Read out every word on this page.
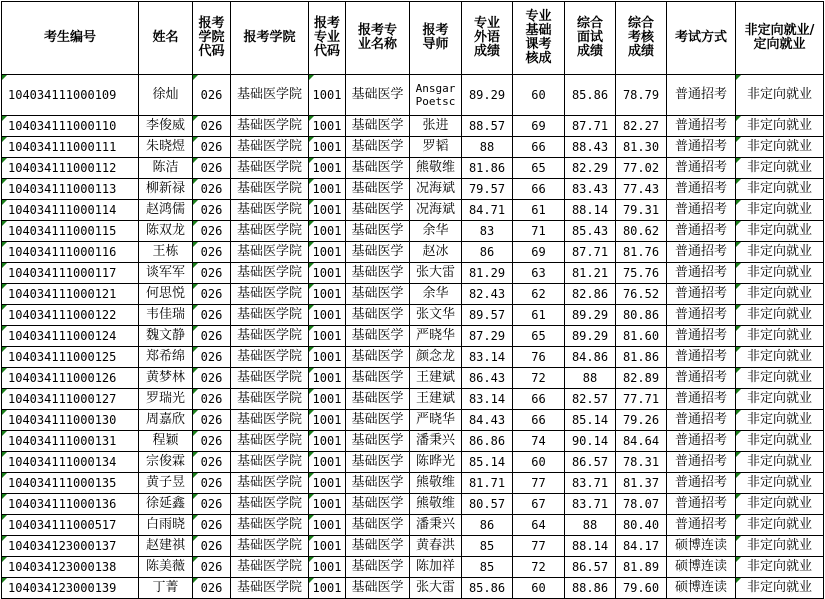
考生编号	姓名	报考学院代码	报考学院	报考专业代码	报考专业名称	报考导师	专业外语成绩	专业基础课考核成	综合面试成绩	综合考核成绩	考试方式	非定向就业/定向就业
104034111000109	徐灿	026	基础医学院	1001	基础医学	Ansgar Poetsc	89.29	60	85.86	78.79	普通招考	非定向就业
104034111000110	李俊威	026	基础医学院	1001	基础医学	张进	88.57	69	87.71	82.27	普通招考	非定向就业
104034111000111	朱晓煜	026	基础医学院	1001	基础医学	罗韬	88	66	88.43	81.30	普通招考	非定向就业
104034111000112	陈洁	026	基础医学院	1001	基础医学	熊敬维	81.86	65	82.29	77.02	普通招考	非定向就业
104034111000113	柳新禄	026	基础医学院	1001	基础医学	况海斌	79.57	66	83.43	77.43	普通招考	非定向就业
104034111000114	赵鸿儒	026	基础医学院	1001	基础医学	况海斌	84.71	61	88.14	79.31	普通招考	非定向就业
104034111000115	陈双龙	026	基础医学院	1001	基础医学	余华	83	71	85.43	80.62	普通招考	非定向就业
104034111000116	王栋	026	基础医学院	1001	基础医学	赵冰	86	69	87.71	81.76	普通招考	非定向就业
104034111000117	谈军军	026	基础医学院	1001	基础医学	张大雷	81.29	63	81.21	75.76	普通招考	非定向就业
104034111000121	何思悦	026	基础医学院	1001	基础医学	余华	82.43	62	82.86	76.52	普通招考	非定向就业
104034111000122	韦佳瑞	026	基础医学院	1001	基础医学	张文华	89.57	61	89.29	80.86	普通招考	非定向就业
104034111000124	魏文静	026	基础医学院	1001	基础医学	严晓华	87.29	65	89.29	81.60	普通招考	非定向就业
104034111000125	郑希绵	026	基础医学院	1001	基础医学	颜念龙	83.14	76	84.86	81.86	普通招考	非定向就业
104034111000126	黄梦林	026	基础医学院	1001	基础医学	王建斌	86.43	72	88	82.89	普通招考	非定向就业
104034111000127	罗瑞光	026	基础医学院	1001	基础医学	王建斌	83.14	66	82.57	77.71	普通招考	非定向就业
104034111000130	周嘉欣	026	基础医学院	1001	基础医学	严晓华	84.43	66	85.14	79.26	普通招考	非定向就业
104034111000131	程颖	026	基础医学院	1001	基础医学	潘秉兴	86.86	74	90.14	84.64	普通招考	非定向就业
104034111000134	宗俊霖	026	基础医学院	1001	基础医学	陈晔光	85.14	60	86.57	78.31	普通招考	非定向就业
104034111000135	黄子昱	026	基础医学院	1001	基础医学	熊敬维	81.71	77	83.71	81.37	普通招考	非定向就业
104034111000136	徐延鑫	026	基础医学院	1001	基础医学	熊敬维	80.57	67	83.71	78.07	普通招考	非定向就业
104034111000517	白雨晓	026	基础医学院	1001	基础医学	潘秉兴	86	64	88	80.40	普通招考	非定向就业
104034123000137	赵建祺	026	基础医学院	1001	基础医学	黄春洪	85	77	88.14	84.17	硕博连读	非定向就业
104034123000138	陈美薇	026	基础医学院	1001	基础医学	陈加祥	85	72	86.57	81.89	硕博连读	非定向就业
104034123000139	丁菁	026	基础医学院	1001	基础医学	张大雷	85.86	60	88.86	79.60	硕博连读	非定向就业
